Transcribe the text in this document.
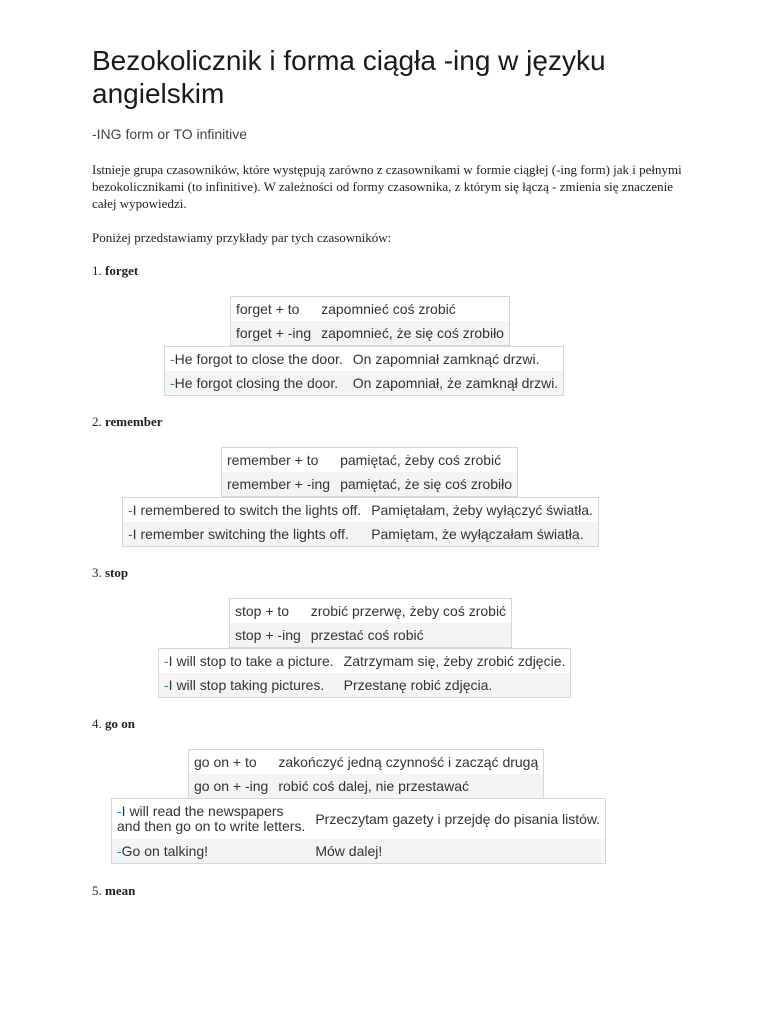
Bezokolicznik i forma ciągła -ing w języku angielskim
-ING form or TO infinitive
Istnieje grupa czasowników, które występują zarówno z czasownikami w formie ciągłej (-ing form) jak i pełnymi bezokolicznikami (to infinitive). W zależności od formy czasownika, z którym się łączą - zmienia się znaczenie całej wypowiedzi.
Poniżej przedstawiamy przykłady par tych czasowników:
1. forget
forget + to	zapomnieć coś zrobić
forget + -ing	zapomnieć, że się coś zrobiło
-He forgot to close the door.	On zapomniał zamknąć drzwi.
-He forgot closing the door.	On zapomniał, że zamknął drzwi.
2. remember
remember + to	pamiętać, żeby coś zrobić
remember + -ing	pamiętać, że się coś zrobiło
-I remembered to switch the lights off.	Pamiętałam, żeby wyłączyć światła.
-I remember switching the lights off.	Pamiętam, że wyłączałam światła.
3. stop
stop + to	zrobić przerwę, żeby coś zrobić
stop + -ing	przestać coś robić
-I will stop to take a picture.	Zatrzymam się, żeby zrobić zdjęcie.
-I will stop taking pictures.	Przestanę robić zdjęcia.
4. go on
go on + to	zakończyć jedną czynność i zacząć drugą
go on + -ing	robić coś dalej, nie przestawać
-I will read the newspapers
and then go on to write letters.	Przeczytam gazety i przejdę do pisania listów.
-Go on talking!	Mów dalej!
5. mean
